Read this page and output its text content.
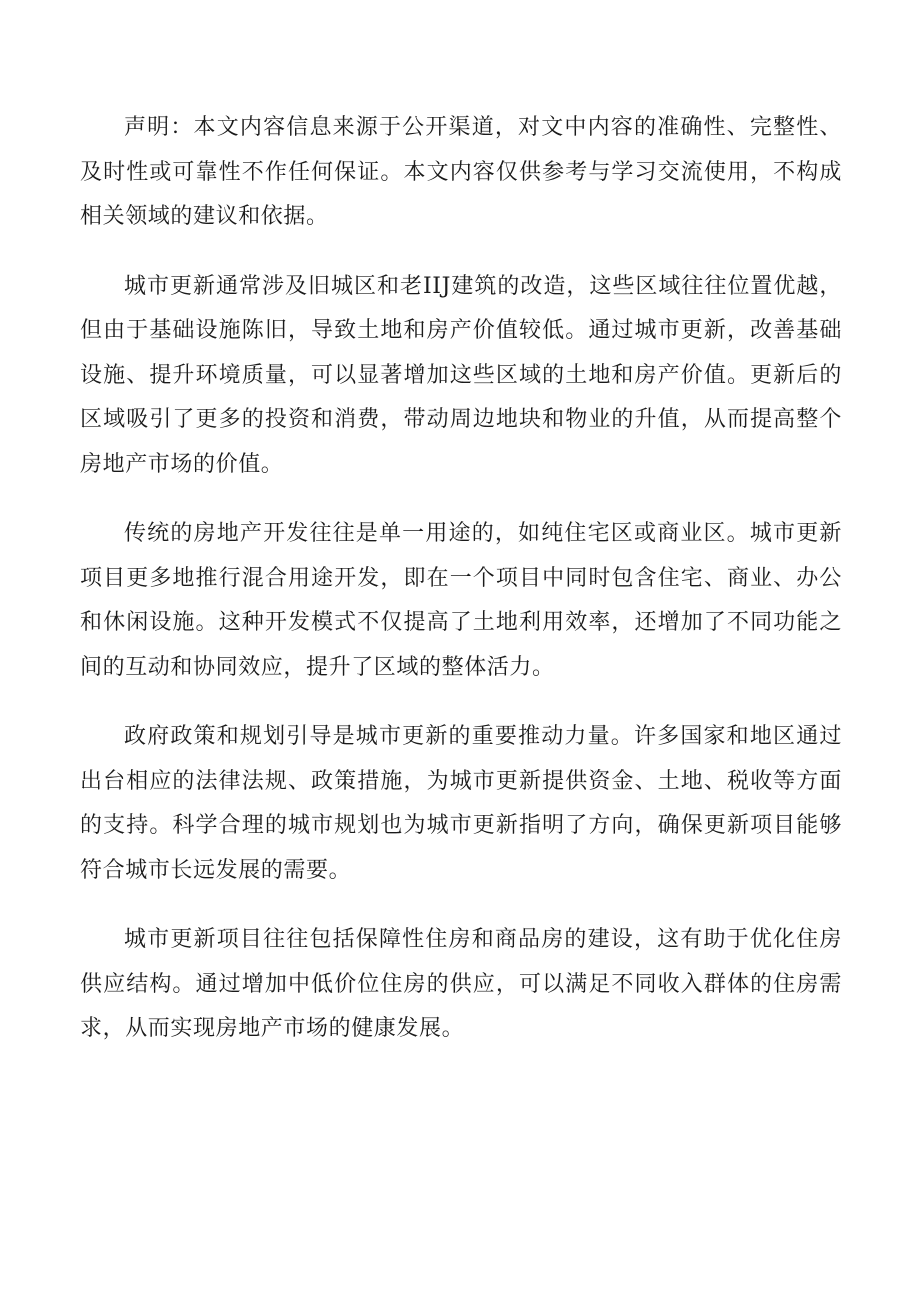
声明：本文内容信息来源于公开渠道，对文中内容的准确性、完整性、及时性或可靠性不作任何保证。本文内容仅供参考与学习交流使用，不构成相关领域的建议和依据。

城市更新通常涉及旧城区和老IIJ建筑的改造，这些区域往往位置优越，但由于基础设施陈旧，导致土地和房产价值较低。通过城市更新，改善基础设施、提升环境质量，可以显著增加这些区域的土地和房产价值。更新后的区域吸引了更多的投资和消费，带动周边地块和物业的升值，从而提高整个房地产市场的价值。

传统的房地产开发往往是单一用途的，如纯住宅区或商业区。城市更新项目更多地推行混合用途开发，即在一个项目中同时包含住宅、商业、办公和休闲设施。这种开发模式不仅提高了土地利用效率，还增加了不同功能之间的互动和协同效应，提升了区域的整体活力。

政府政策和规划引导是城市更新的重要推动力量。许多国家和地区通过出台相应的法律法规、政策措施，为城市更新提供资金、土地、税收等方面的支持。科学合理的城市规划也为城市更新指明了方向，确保更新项目能够符合城市长远发展的需要。

城市更新项目往往包括保障性住房和商品房的建设，这有助于优化住房供应结构。通过增加中低价位住房的供应，可以满足不同收入群体的住房需求，从而实现房地产市场的健康发展。
